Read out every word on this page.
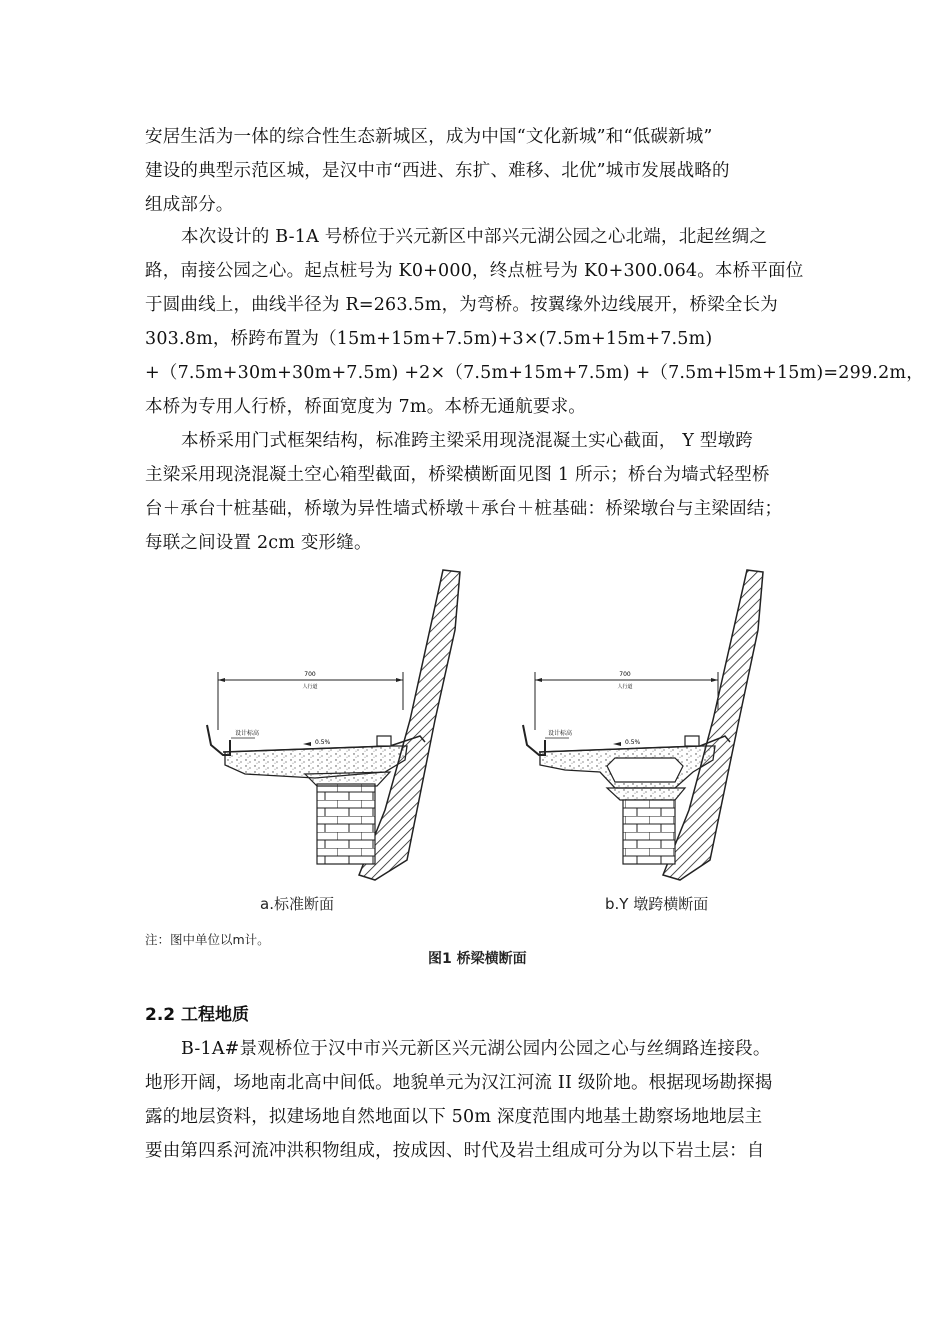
安居生活为一体的综合性生态新城区，成为中国“文化新城”和“低碳新城”
建设的典型示范区城，是汉中市“西进、东扩、难移、北优”城市发展战略的
组成部分。
本次设计的 B-1A 号桥位于兴元新区中部兴元湖公园之心北端，北起丝绸之
路，南接公园之心。起点桩号为 K0+000，终点桩号为 K0+300.064。本桥平面位
于圆曲线上，曲线半径为 R=263.5m，为弯桥。按翼缘外边线展开，桥梁全长为
303.8m，桥跨布置为（15m+15m+7.5m)+3×(7.5m+15m+7.5m)
+（7.5m+30m+30m+7.5m) +2×（7.5m+15m+7.5m) +（7.5m+l5m+15m)=299.2m，
本桥为专用人行桥，桥面宽度为 7m。本桥无通航要求。
本桥采用门式框架结构，标准跨主梁采用现浇混凝土实心截面， Y 型墩跨
主梁采用现浇混凝土空心箱型截面，桥梁横断面见图 1 所示；桥台为墙式轻型桥
台＋承台十桩基础，桥墩为异性墙式桥墩＋承台＋桩基础：桥梁墩台与主梁固结；
每联之间设置 2cm 变形缝。
700
人行道
设计标高
0.5%
700
人行道
设计标高
0.5%
a.标准断面	b.Y 墩跨横断面
注：图中单位以m计。
图1 桥梁横断面
2.2 工程地质
B-1A#景观桥位于汉中市兴元新区兴元湖公园内公园之心与丝绸路连接段。
地形开阔，场地南北高中间低。地貌单元为汉江河流 II 级阶地。根据现场勘探揭
露的地层资料，拟建场地自然地面以下 50m 深度范围内地基土勘察场地地层主
要由第四系河流冲洪积物组成，按成因、时代及岩土组成可分为以下岩土层：自
